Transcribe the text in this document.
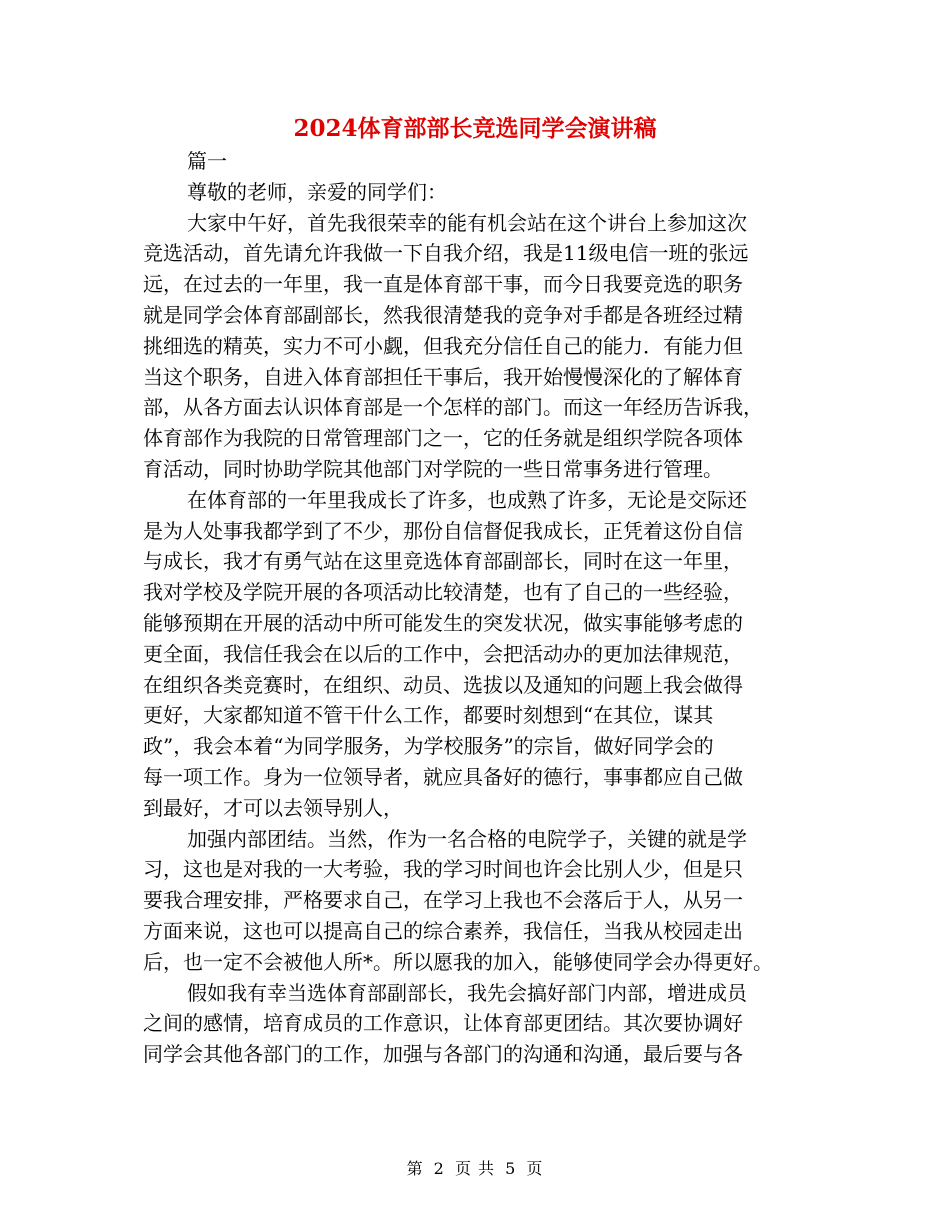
2024体育部部长竞选同学会演讲稿
篇一
尊敬的老师，亲爱的同学们：
大家中午好，首先我很荣幸的能有机会站在这个讲台上参加这次
竞选活动，首先请允许我做一下自我介绍，我是11级电信一班的张远
远，在过去的一年里，我一直是体育部干事，而今日我要竞选的职务
就是同学会体育部副部长，然我很清楚我的竞争对手都是各班经过精
挑细选的精英，实力不可小觑，但我充分信任自己的能力．有能力但
当这个职务，自进入体育部担任干事后，我开始慢慢深化的了解体育
部，从各方面去认识体育部是一个怎样的部门。而这一年经历告诉我，
体育部作为我院的日常管理部门之一，它的任务就是组织学院各项体
育活动，同时协助学院其他部门对学院的一些日常事务进行管理。
在体育部的一年里我成长了许多，也成熟了许多，无论是交际还
是为人处事我都学到了不少，那份自信督促我成长，正凭着这份自信
与成长，我才有勇气站在这里竞选体育部副部长，同时在这一年里，
我对学校及学院开展的各项活动比较清楚，也有了自己的一些经验，
能够预期在开展的活动中所可能发生的突发状况，做实事能够考虑的
更全面，我信任我会在以后的工作中，会把活动办的更加法律规范，
在组织各类竞赛时，在组织、动员、选拔以及通知的问题上我会做得
更好，大家都知道不管干什么工作，都要时刻想到“在其位，谋其
政”，我会本着“为同学服务，为学校服务”的宗旨，做好同学会的
每一项工作。身为一位领导者，就应具备好的德行，事事都应自己做
到最好，才可以去领导别人，
加强内部团结。当然，作为一名合格的电院学子，关键的就是学
习，这也是对我的一大考验，我的学习时间也许会比别人少，但是只
要我合理安排，严格要求自己，在学习上我也不会落后于人，从另一
方面来说，这也可以提高自己的综合素养，我信任，当我从校园走出
后，也一定不会被他人所*。所以愿我的加入，能够使同学会办得更好。
假如我有幸当选体育部副部长，我先会搞好部门内部，增进成员
之间的感情，培育成员的工作意识，让体育部更团结。其次要协调好
同学会其他各部门的工作，加强与各部门的沟通和沟通，最后要与各
第 2 页 共 5 页
